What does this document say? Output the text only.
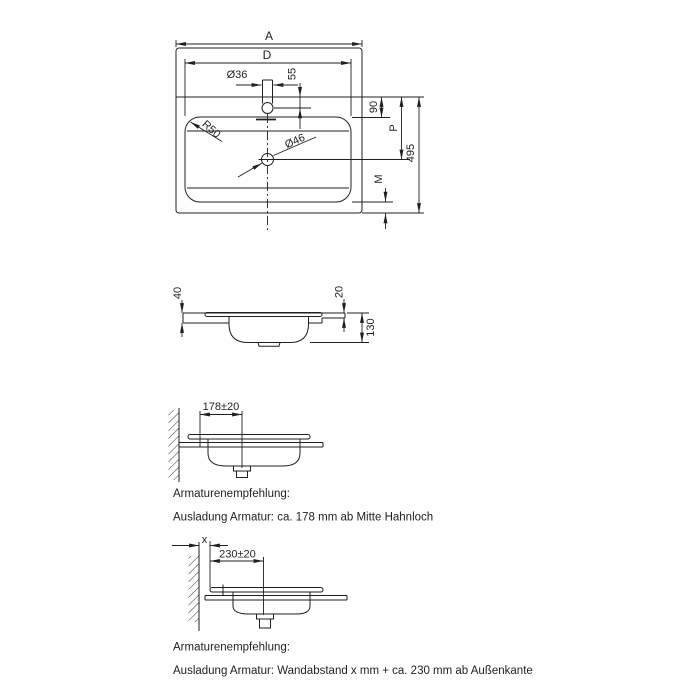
A
D
Ø36	55
90
P
495
M
R50
Ø46
40	20
130
178±20
Armaturenempfehlung:
Ausladung Armatur: ca. 178 mm ab Mitte Hahnloch
x
230±20
Armaturenempfehlung:
Ausladung Armatur: Wandabstand x mm + ca. 230 mm ab Außenkante
